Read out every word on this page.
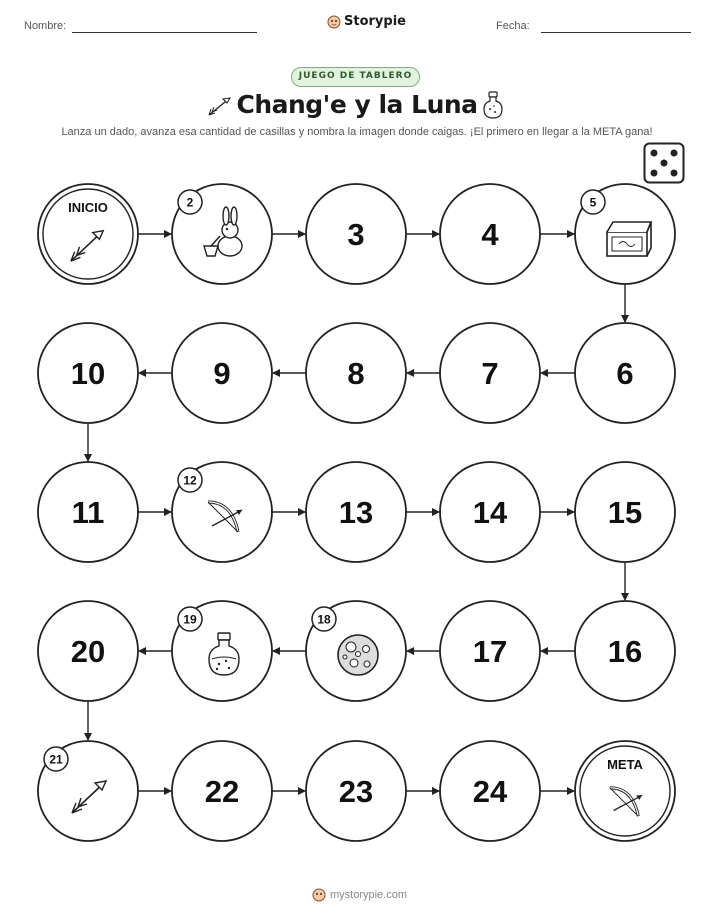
Nombre:	Storypie	Fecha:
JUEGO DE TABLERO
Chang'e y la Luna
Lanza un dado, avanza esa cantidad de casillas y nombra la imagen donde caigas. ¡El primero en llegar a la META gana!
INICIO	2
3	4
5
6
7
8
9
10
11
12
13	14	15
16
17
18
19
20
21
22	23	24
META
mystorypie.com
